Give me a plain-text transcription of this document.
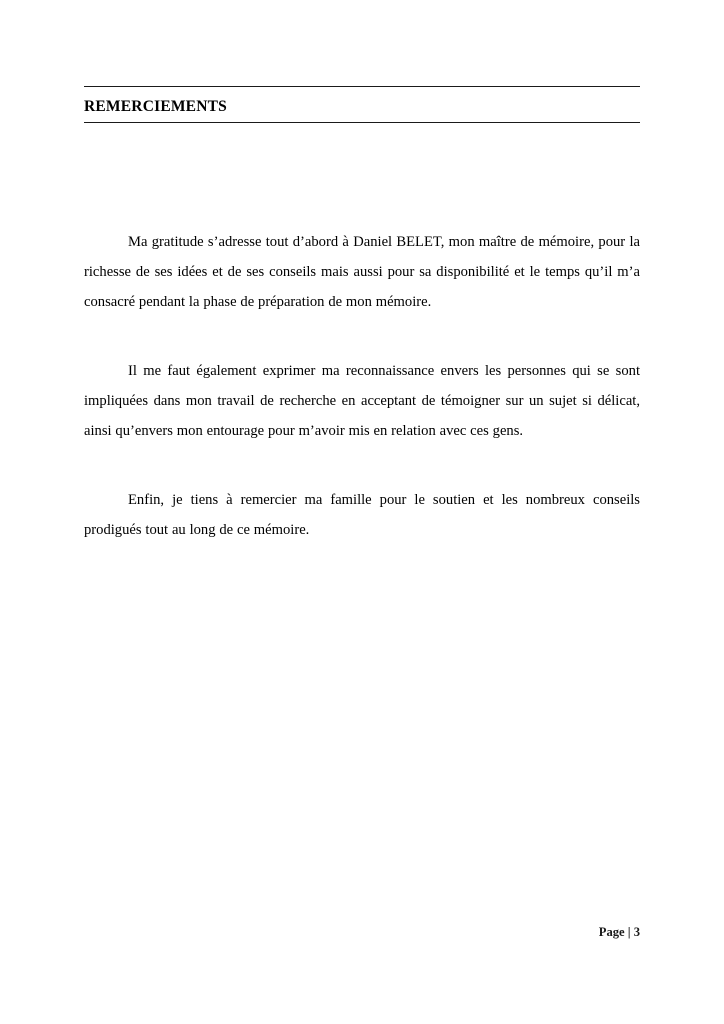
REMERCIEMENTS

Ma gratitude s’adresse tout d’abord à Daniel BELET, mon maître de mémoire, pour la richesse de ses idées et de ses conseils mais aussi pour sa disponibilité et le temps qu’il m’a consacré pendant la phase de préparation de mon mémoire.

Il me faut également exprimer ma reconnaissance envers les personnes qui se sont impliquées dans mon travail de recherche en acceptant de témoigner sur un sujet si délicat, ainsi qu’envers mon entourage pour m’avoir mis en relation avec ces gens.

Enfin, je tiens à remercier ma famille pour le soutien et les nombreux conseils prodigués tout au long de ce mémoire.

Page | 3
